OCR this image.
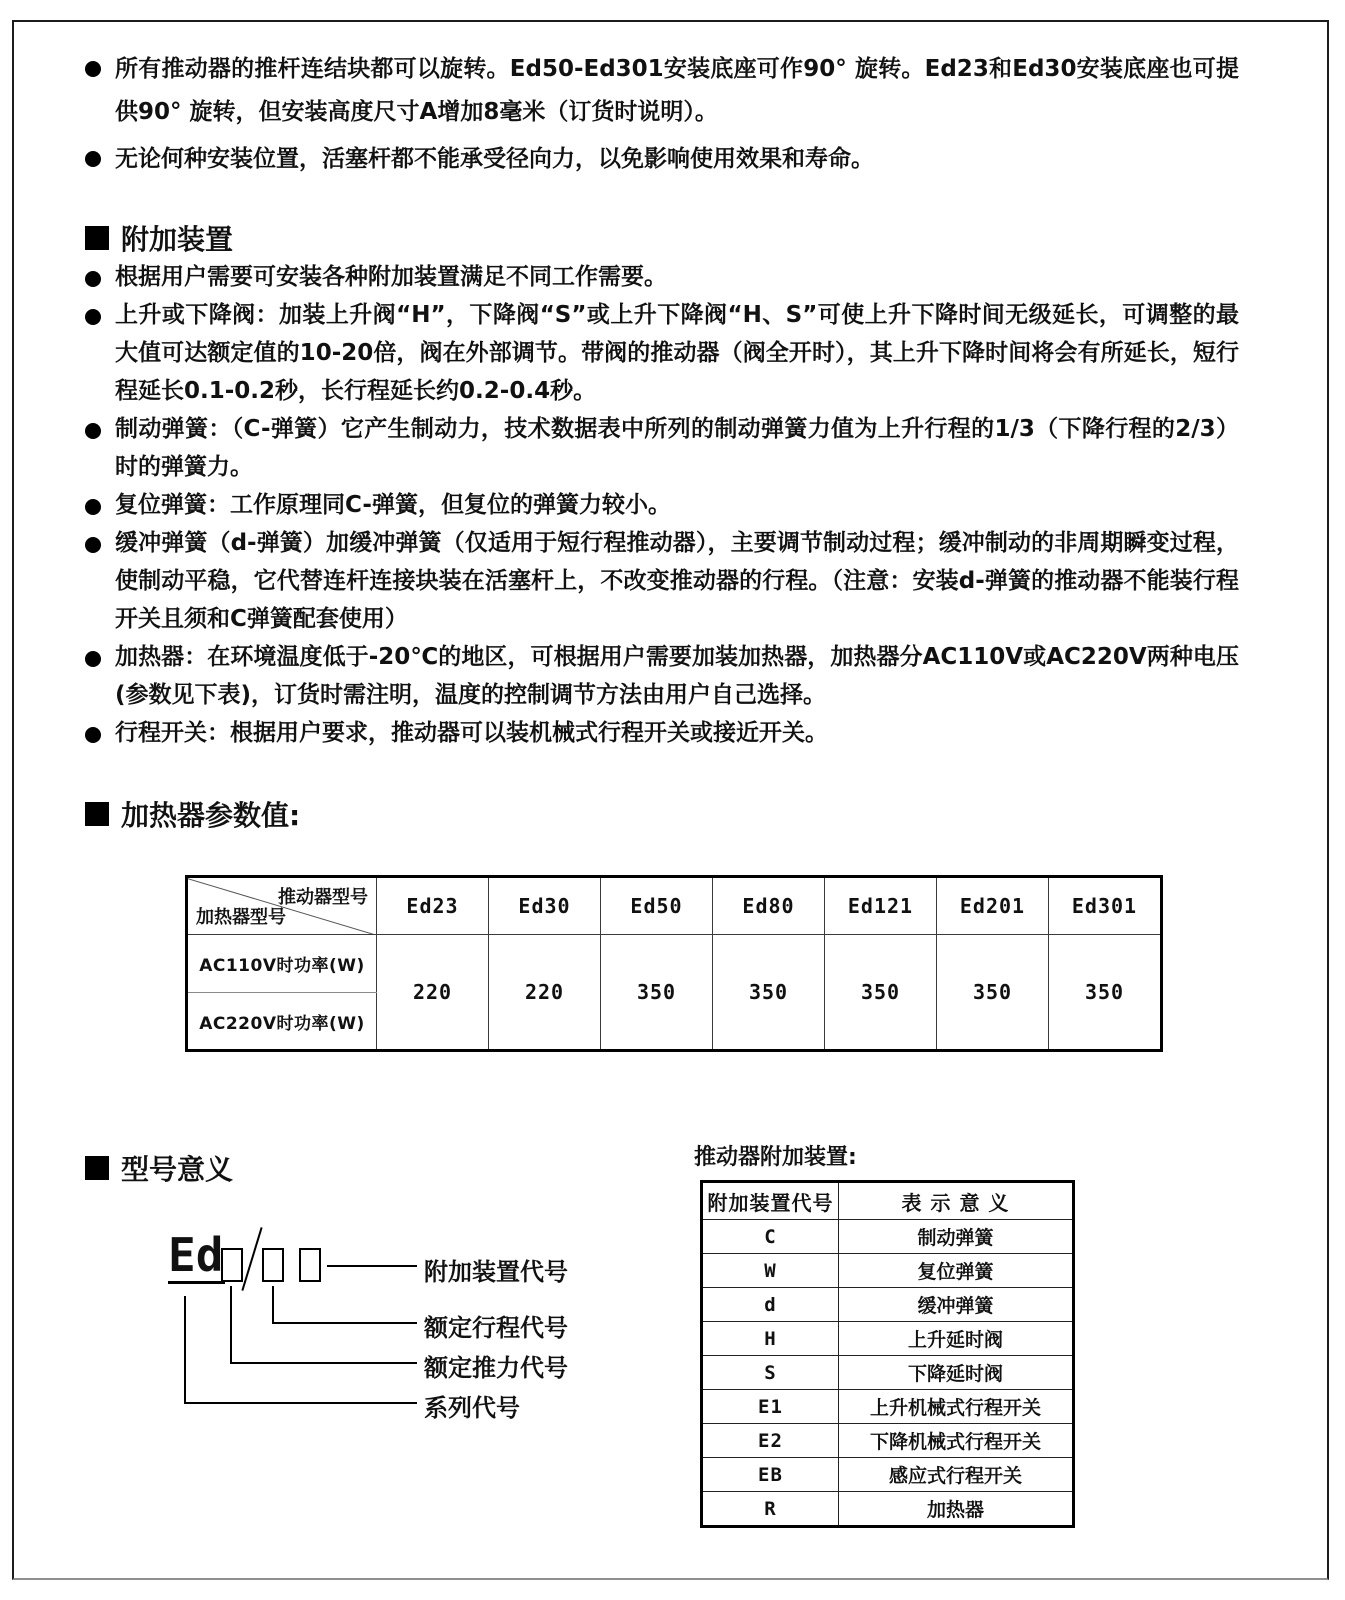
所有推动器的推杆连结块都可以旋转。Ed50-Ed301安装底座可作90° 旋转。Ed23和Ed30安装底座也可提供90° 旋转，但安装高度尺寸A增加8毫米（订货时说明）。
无论何种安装位置，活塞杆都不能承受径向力，以免影响使用效果和寿命。
附加装置
根据用户需要可安装各种附加装置满足不同工作需要。
上升或下降阀：加装上升阀“H”，下降阀“S”或上升下降阀“H、S”可使上升下降时间无级延长，可调整的最大值可达额定值的10-20倍，阀在外部调节。带阀的推动器（阀全开时），其上升下降时间将会有所延长，短行程延长0.1-0.2秒，长行程延长约0.2-0.4秒。
制动弹簧：（C-弹簧）它产生制动力，技术数据表中所列的制动弹簧力值为上升行程的1/3（下降行程的2/3）时的弹簧力。
复位弹簧：工作原理同C-弹簧，但复位的弹簧力较小。
缓冲弹簧（d-弹簧）加缓冲弹簧（仅适用于短行程推动器），主要调节制动过程；缓冲制动的非周期瞬变过程，使制动平稳，它代替连杆连接块装在活塞杆上，不改变推动器的行程。（注意：安装d-弹簧的推动器不能装行程开关且须和C弹簧配套使用）
加热器：在环境温度低于-20℃的地区，可根据用户需要加装加热器，加热器分AC110V或AC220V两种电压(参数见下表)，订货时需注明，温度的控制调节方法由用户自己选择。
行程开关：根据用户要求，推动器可以装机械式行程开关或接近开关。
加热器参数值:
推动器型号
加热器型号	Ed23	Ed30	Ed50	Ed80	Ed121	Ed201	Ed301
AC110V时功率(W)	220	220	350	350	350	350	350
AC220V时功率(W)							
型号意义
Ed	附加装置代号
额定行程代号
额定推力代号
系列代号
推动器附加装置:
附加装置代号	表 示 意 义
C	制动弹簧
W	复位弹簧
d	缓冲弹簧
H	上升延时阀
S	下降延时阀
E1	上升机械式行程开关
E2	下降机械式行程开关
EB	感应式行程开关
R	加热器
